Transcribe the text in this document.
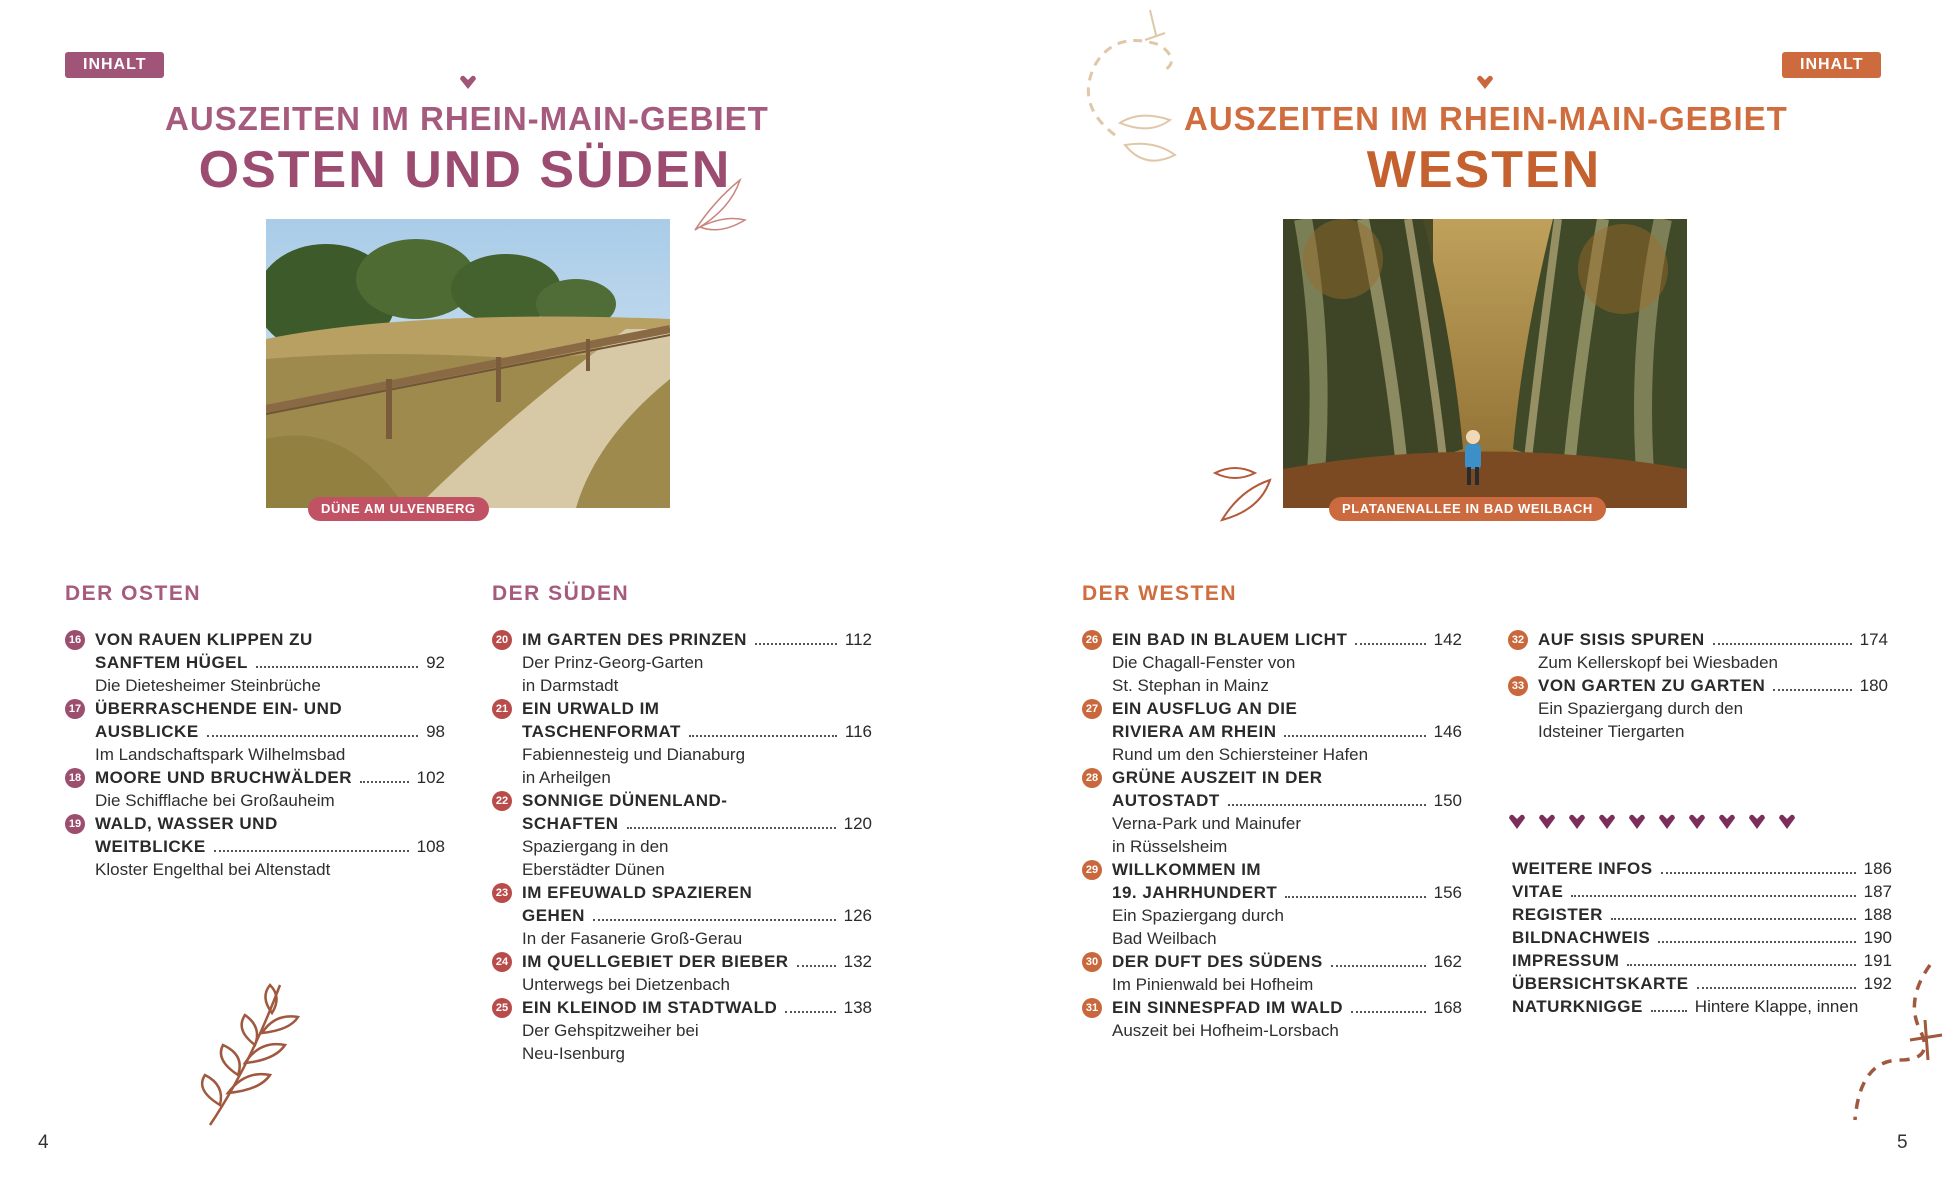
INHALT
AUSZEITEN IM RHEIN-MAIN-GEBIET
OSTEN UND SÜDEN
DÜNE AM ULVENBERG
DER OSTEN
16 VON RAUEN KLIPPEN ZU
SANFTEM HÜGEL	92
Die Dietesheimer Steinbrüche
17 ÜBERRASCHENDE EIN- UND
AUSBLICKE	98
Im Landschaftspark Wilhelmsbad
18 MOORE UND BRUCHWÄLDER	102
Die Schifflache bei Großauheim
19 WALD, WASSER UND
WEITBLICKE	108
Kloster Engelthal bei Altenstadt
DER SÜDEN
20 IM GARTEN DES PRINZEN	112
Der Prinz-Georg-Garten
in Darmstadt
21 EIN URWALD IM
TASCHENFORMAT	116
Fabiennesteig und Dianaburg
in Arheilgen
22 SONNIGE DÜNENLAND-
SCHAFTEN	120
Spaziergang in den
Eberstädter Dünen
23 IM EFEUWALD SPAZIEREN
GEHEN	126
In der Fasanerie Groß-Gerau
24 IM QUELLGEBIET DER BIEBER	132
Unterwegs bei Dietzenbach
25 EIN KLEINOD IM STADTWALD	138
Der Gehspitzweiher bei
Neu-Isenburg
4
INHALT
AUSZEITEN IM RHEIN-MAIN-GEBIET
WESTEN
PLATANENALLEE IN BAD WEILBACH
DER WESTEN
26 EIN BAD IN BLAUEM LICHT	142
Die Chagall-Fenster von
St. Stephan in Mainz
27 EIN AUSFLUG AN DIE
RIVIERA AM RHEIN	146
Rund um den Schiersteiner Hafen
28 GRÜNE AUSZEIT IN DER
AUTOSTADT	150
Verna-Park und Mainufer
in Rüsselsheim
29 WILLKOMMEN IM
19. JAHRHUNDERT	156
Ein Spaziergang durch
Bad Weilbach
30 DER DUFT DES SÜDENS	162
Im Pinienwald bei Hofheim
31 EIN SINNESPFAD IM WALD	168
Auszeit bei Hofheim-Lorsbach
32 AUF SISIS SPUREN	174
Zum Kellerskopf bei Wiesbaden
33 VON GARTEN ZU GARTEN	180
Ein Spaziergang durch den
Idsteiner Tiergarten
WEITERE INFOS	186
VITAE	187
REGISTER	188
BILDNACHWEIS	190
IMPRESSUM	191
ÜBERSICHTSKARTE	192
NATURKNIGGE	Hintere Klappe, innen
5
